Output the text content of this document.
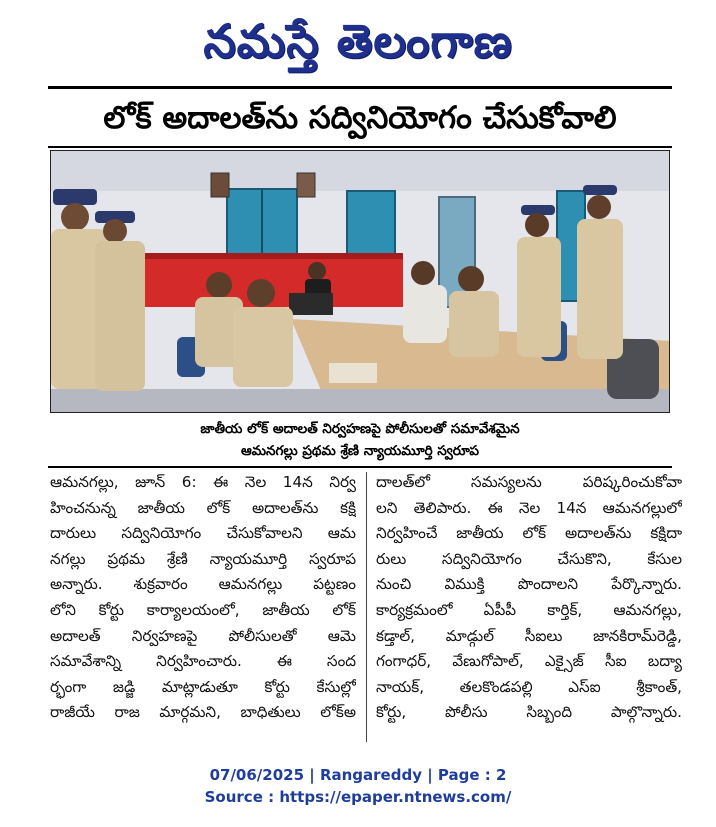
నమస్తే తెలంగాణ
లోక్ అదాలత్‌ను సద్వినియోగం చేసుకోవాలి
జాతీయ లోక్ అదాలత్ నిర్వహణపై పోలీసులతో సమావేశమైన
ఆమనగల్లు ప్రథమ శ్రేణి న్యాయమూర్తి స్వరూప
ఆమనగల్లు, జూన్ 6: ఈ నెల 14న నిర్వ
హించనున్న జాతీయ లోక్ అదాలత్‌ను కక్షి
దారులు సద్వినియోగం చేసుకోవాలని ఆమ
నగల్లు ప్రథమ శ్రేణి న్యాయమూర్తి స్వరూప
అన్నారు. శుక్రవారం ఆమనగల్లు పట్టణం
లోని కోర్టు కార్యాలయంలో, జాతీయ లోక్
అదాలత్ నిర్వహణపై పోలీసులతో ఆమె
సమావేశాన్ని నిర్వహించారు. ఈ సంద
ర్భంగా జడ్జి మాట్లాడుతూ కోర్టు కేసుల్లో
రాజీయే రాజ మార్గమని, బాధితులు లోక్‌అ
దాలత్‌లో సమస్యలను పరిష్కరించుకోవా
లని తెలిపారు. ఈ నెల 14న ఆమనగల్లులో
నిర్వహించే జాతీయ లోక్ అదాలత్‌ను కక్షిదా
రులు సద్వినియోగం చేసుకొని, కేసుల
నుంచి విముక్తి పొందాలని పేర్కొన్నారు.
కార్యక్రమంలో ఏపీపీ కార్తిక్, ఆమనగల్లు,
కడ్తాల్, మాడ్గుల్ సీఐలు జానకిరామ్‌రెడ్డి,
గంగాధర్, వేణుగోపాల్, ఎక్సైజ్ సీఐ బద్యా
నాయక్, తలకొండపల్లి ఎస్ఐ శ్రీకాంత్,
కోర్టు, పోలీసు సిబ్బంది పాల్గొన్నారు.
07/06/2025 | Rangareddy | Page : 2
Source : https://epaper.ntnews.com/
